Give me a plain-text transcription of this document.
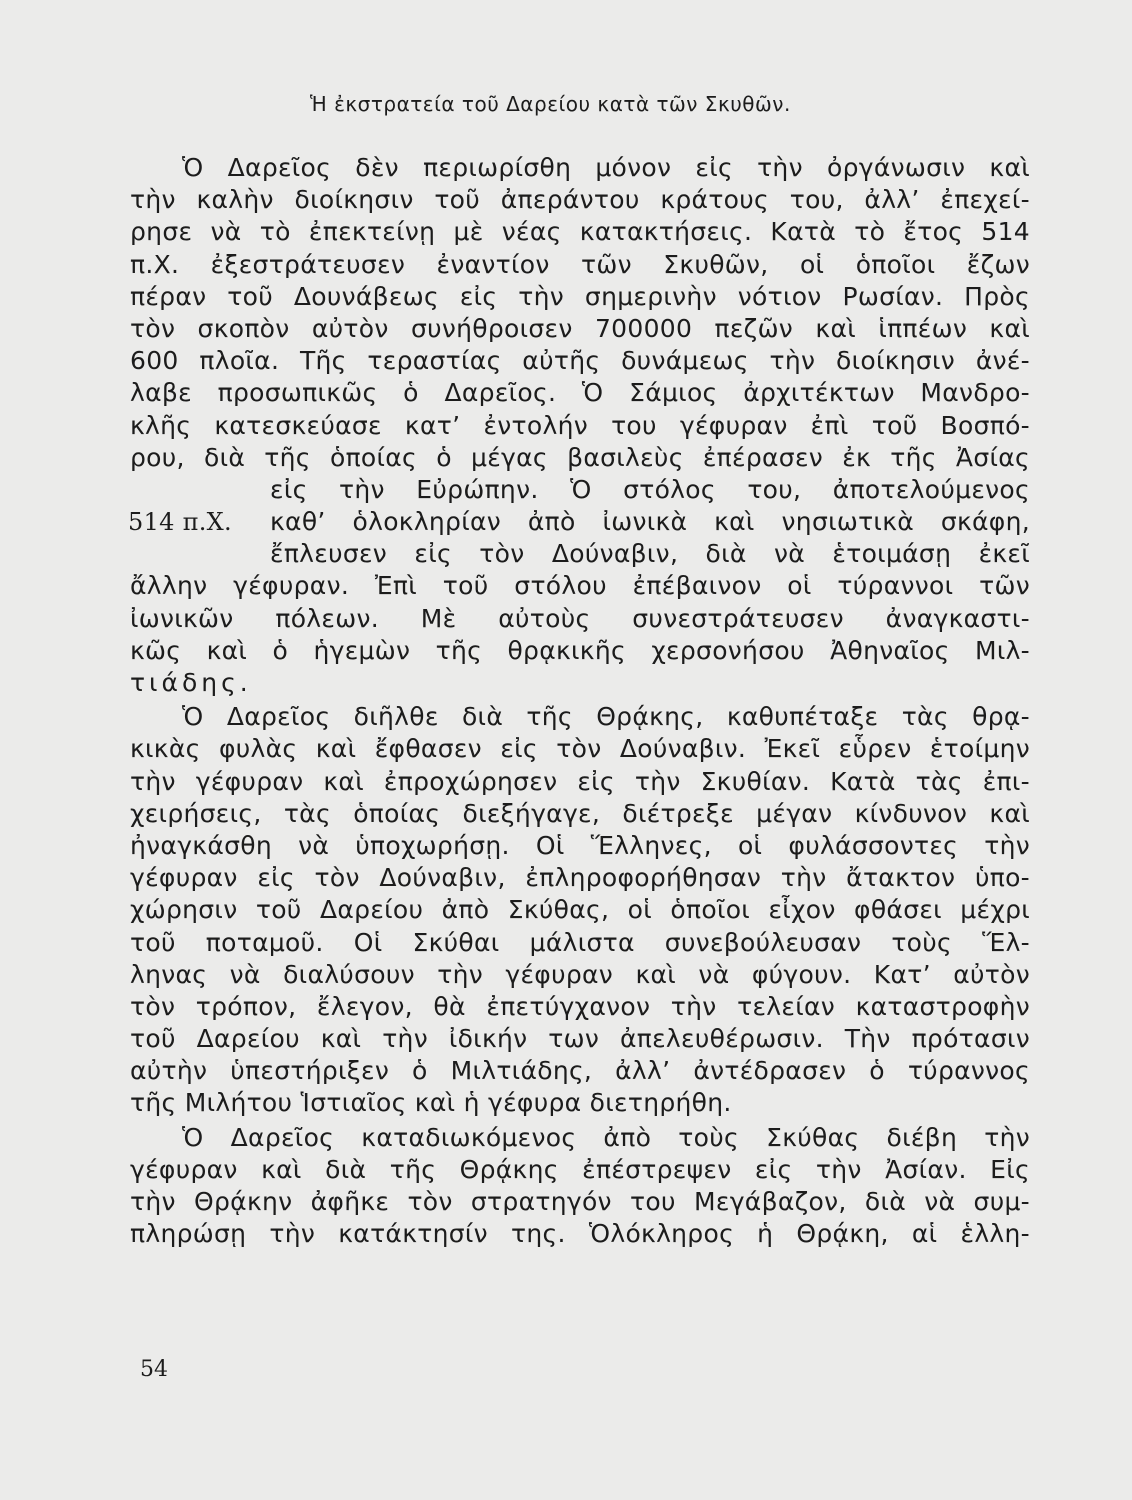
Ἡ ἐκστρατεία τοῦ Δαρείου κατὰ τῶν Σκυθῶν.
Ὁ Δαρεῖος δὲν περιωρίσθη μόνον εἰς τὴν ὀργάνωσιν καὶ
τὴν καλὴν διοίκησιν τοῦ ἀπεράντου κράτους του, ἀλλ’ ἐπεχεί-
ρησε νὰ τὸ ἐπεκτείνῃ μὲ νέας κατακτήσεις. Κατὰ τὸ ἔτος 514
π.Χ. ἐξεστράτευσεν ἐναντίον τῶν Σκυθῶν, οἱ ὁποῖοι ἔζων
πέραν τοῦ Δουνάβεως εἰς τὴν σημερινὴν νότιον Ρωσίαν. Πρὸς
τὸν σκοπὸν αὐτὸν συνήθροισεν 700000 πεζῶν καὶ ἱππέων καὶ
600 πλοῖα. Τῆς τεραστίας αὐτῆς δυνάμεως τὴν διοίκησιν ἀνέ-
λαβε προσωπικῶς ὁ Δαρεῖος. Ὁ Σάμιος ἀρχιτέκτων Μανδρο-
κλῆς κατεσκεύασε κατ’ ἐντολήν του γέφυραν ἐπὶ τοῦ Βοσπό-
ρου, διὰ τῆς ὁποίας ὁ μέγας βασιλεὺς ἐπέρασεν ἐκ τῆς Ἀσίας
εἰς τὴν Εὐρώπην. Ὁ στόλος του, ἀποτελούμενος
514 π.Χ. καθ’ ὁλοκληρίαν ἀπὸ ἰωνικὰ καὶ νησιωτικὰ σκάφη,
ἔπλευσεν εἰς τὸν Δούναβιν, διὰ νὰ ἑτοιμάσῃ ἐκεῖ
ἄλλην γέφυραν. Ἐπὶ τοῦ στόλου ἐπέβαινον οἱ τύραννοι τῶν
ἰωνικῶν πόλεων. Μὲ αὐτοὺς συνεστράτευσεν ἀναγκαστι-
κῶς καὶ ὁ ἡγεμὼν τῆς θρᾳκικῆς χερσονήσου Ἀθηναῖος Μιλ-
τιάδης.
Ὁ Δαρεῖος διῆλθε διὰ τῆς Θρᾴκης, καθυπέταξε τὰς θρᾳ-
κικὰς φυλὰς καὶ ἔφθασεν εἰς τὸν Δούναβιν. Ἐκεῖ εὗρεν ἑτοίμην
τὴν γέφυραν καὶ ἐπροχώρησεν εἰς τὴν Σκυθίαν. Κατὰ τὰς ἐπι-
χειρήσεις, τὰς ὁποίας διεξήγαγε, διέτρεξε μέγαν κίνδυνον καὶ
ἠναγκάσθη νὰ ὑποχωρήσῃ. Οἱ Ἕλληνες, οἱ φυλάσσοντες τὴν
γέφυραν εἰς τὸν Δούναβιν, ἐπληροφορήθησαν τὴν ἄτακτον ὑπο-
χώρησιν τοῦ Δαρείου ἀπὸ Σκύθας, οἱ ὁποῖοι εἶχον φθάσει μέχρι
τοῦ ποταμοῦ. Οἱ Σκύθαι μάλιστα συνεβούλευσαν τοὺς Ἕλ-
ληνας νὰ διαλύσουν τὴν γέφυραν καὶ νὰ φύγουν. Κατ’ αὐτὸν
τὸν τρόπον, ἔλεγον, θὰ ἐπετύγχανον τὴν τελείαν καταστροφὴν
τοῦ Δαρείου καὶ τὴν ἰδικήν των ἀπελευθέρωσιν. Τὴν πρότασιν
αὐτὴν ὑπεστήριξεν ὁ Μιλτιάδης, ἀλλ’ ἀντέδρασεν ὁ τύραννος
τῆς Μιλήτου Ἱστιαῖος καὶ ἡ γέφυρα διετηρήθη.
Ὁ Δαρεῖος καταδιωκόμενος ἀπὸ τοὺς Σκύθας διέβη τὴν
γέφυραν καὶ διὰ τῆς Θρᾴκης ἐπέστρεψεν εἰς τὴν Ἀσίαν. Εἰς
τὴν Θρᾴκην ἀφῆκε τὸν στρατηγόν του Μεγάβαζον, διὰ νὰ συμ-
πληρώσῃ τὴν κατάκτησίν της. Ὁλόκληρος ἡ Θρᾴκη, αἱ ἑλλη-
54
